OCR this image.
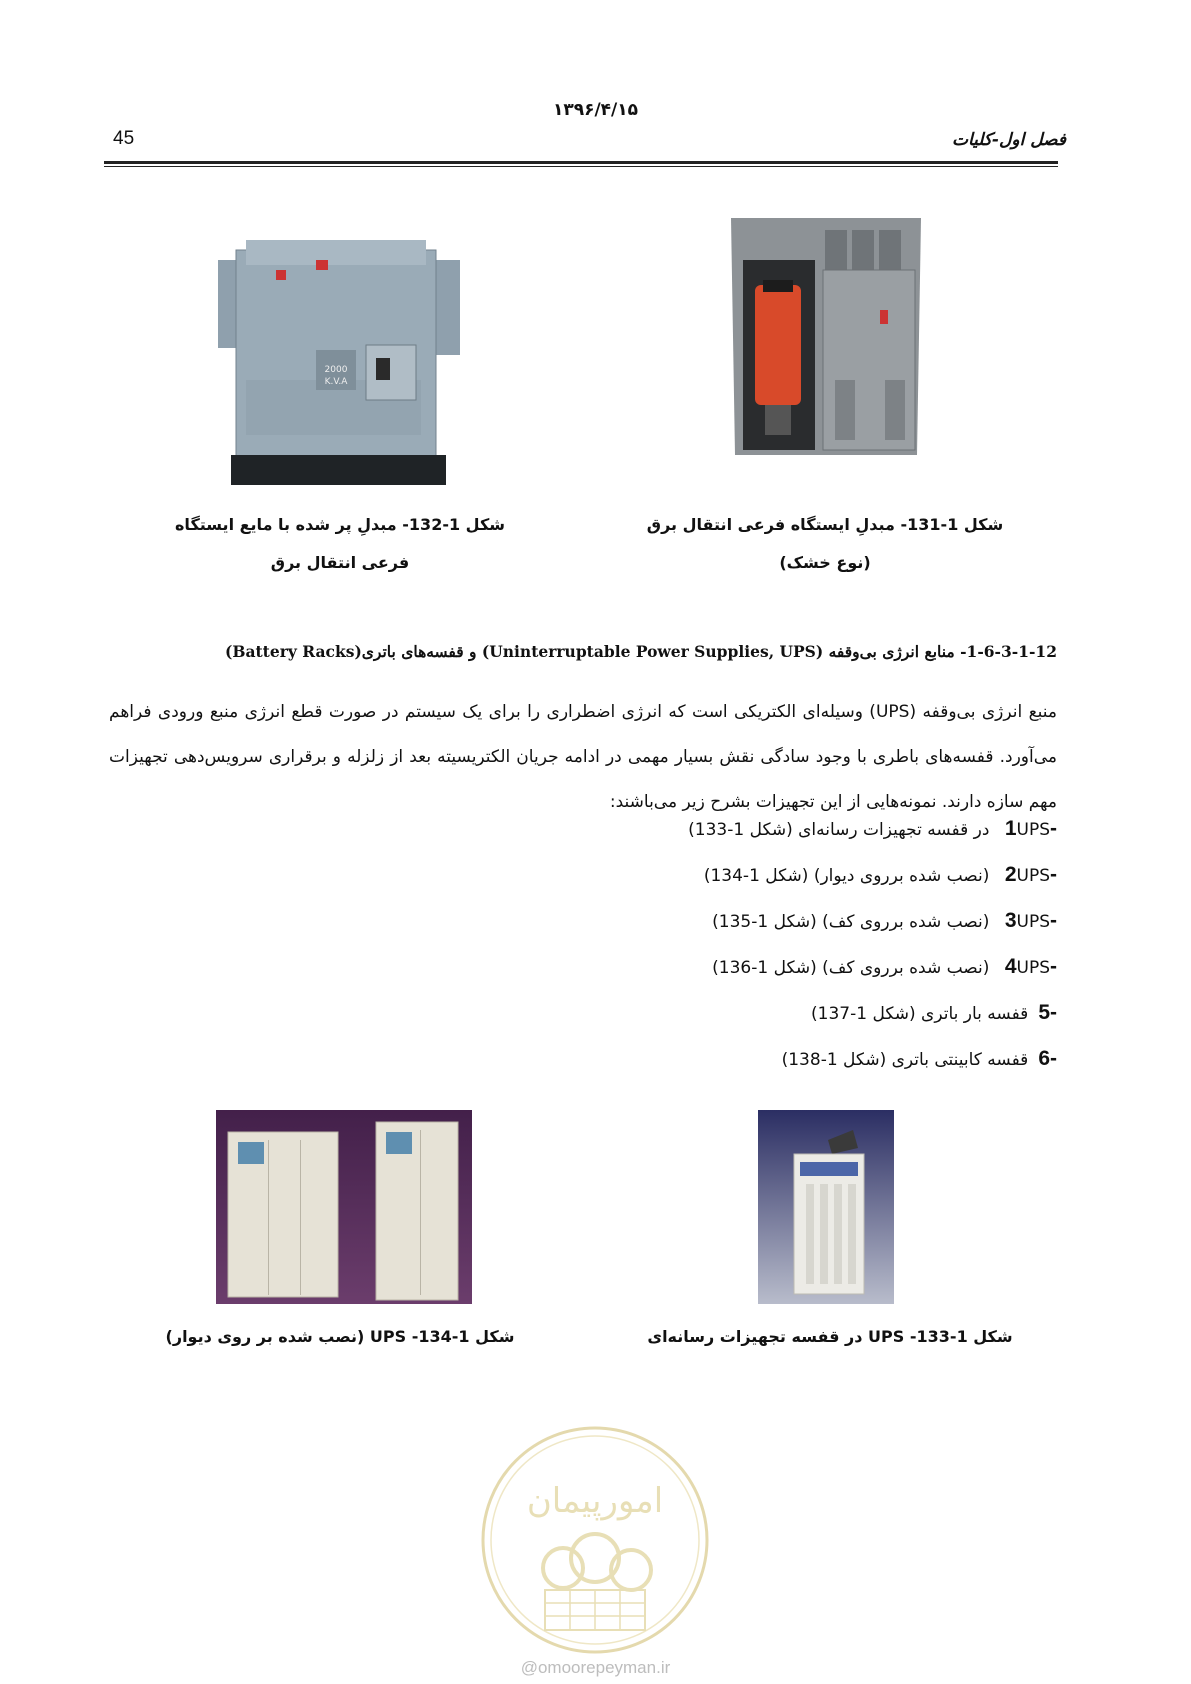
۱۳۹۶/۴/۱۵
45	فصل اول-کلیات
شکل 1-131- مبدلِ ایستگاه فرعی انتقال برق
(نوع خشک)
2000
K.V.A
شکل 1-132- مبدلِ پر شده با مایع ایستگاه
فرعی انتقال برق
1-6-3-1-12- منابع انرژی بی‌وقفه (Uninterruptable Power Supplies, UPS) و قفسه‌های باتری(Battery Racks)
منبع انرژی بی‌وقفه (UPS) وسیله‌ای الکتریکی است که انرژی اضطراری را برای یک سیستم در صورت قطع انرژی منبع ورودی فراهم می‌آورد. قفسه‌های باطری با وجود سادگی نقش بسیار مهمی در ادامه جریان الکتریسیته بعد از زلزله و برقراری سرویس‌دهی تجهیزات مهم سازه دارند. نمونه‌هایی از این تجهیزات بشرح زیر می‌باشند:
-1UPS در قفسه تجهیزات رسانه‌ای (شکل 1-133)
-2UPS (نصب شده برروی دیوار) (شکل 1-134)
-3UPS (نصب شده برروی کف) (شکل 1-135)
-4UPS (نصب شده برروی کف) (شکل 1-136)
-5قفسه بار باتری (شکل 1-137)
-6قفسه کابینتی باتری (شکل 1-138)
شکل 1-133- UPS در قفسه تجهیزات رسانه‌ای
شکل 1-134- UPS (نصب شده بر روی دیوار)
امورپیمان
@omoorepeyman.ir
